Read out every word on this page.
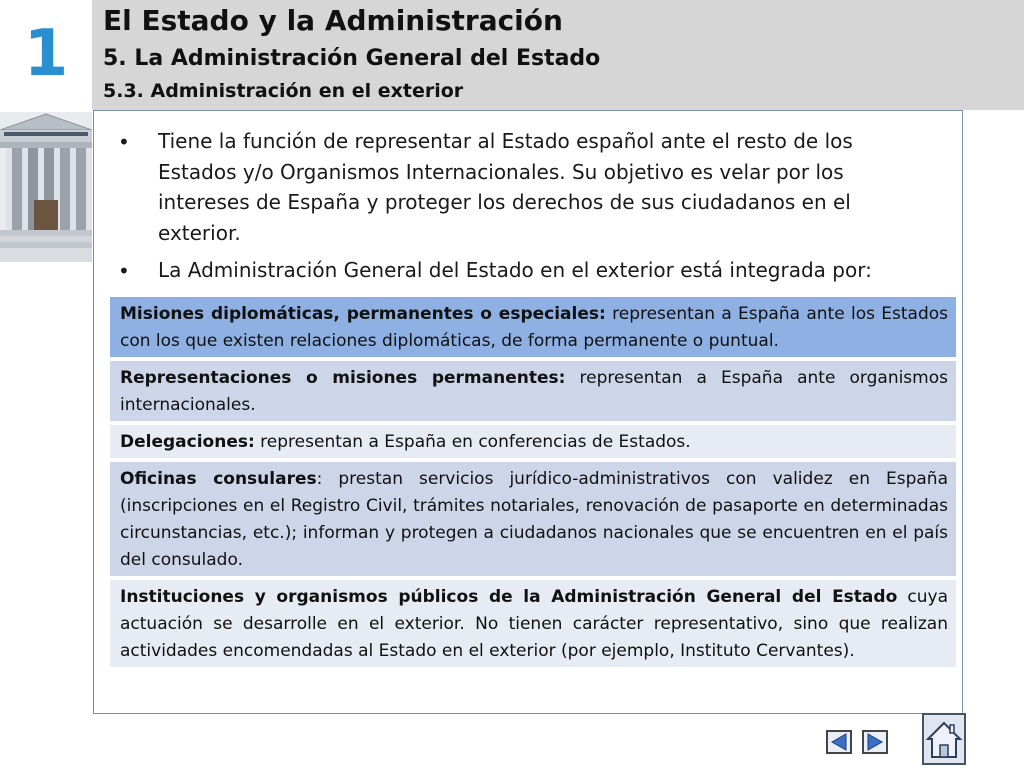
1	El Estado y la Administración
5. La Administración General del Estado
5.3. Administración en el exterior
• Tiene la función de representar al Estado español ante el resto de los Estados y/o Organismos Internacionales. Su objetivo es velar por los intereses de España y proteger los derechos de sus ciudadanos en el exterior.
• La Administración General del Estado en el exterior está integrada por:
Misiones diplomáticas, permanentes o especiales: representan a España ante los Estados con los que existen relaciones diplomáticas, de forma permanente o puntual.
Representaciones o misiones permanentes: representan a España ante organismos internacionales.
Delegaciones: representan a España en conferencias de Estados.
Oficinas consulares: prestan servicios jurídico-administrativos con validez en España (inscripciones en el Registro Civil, trámites notariales, renovación de pasaporte en determinadas circunstancias, etc.); informan y protegen a ciudadanos nacionales que se encuentren en el país del consulado.
Instituciones y organismos públicos de la Administración General del Estado cuya actuación se desarrolle en el exterior. No tienen carácter representativo, sino que realizan actividades encomendadas al Estado en el exterior (por ejemplo, Instituto Cervantes).
